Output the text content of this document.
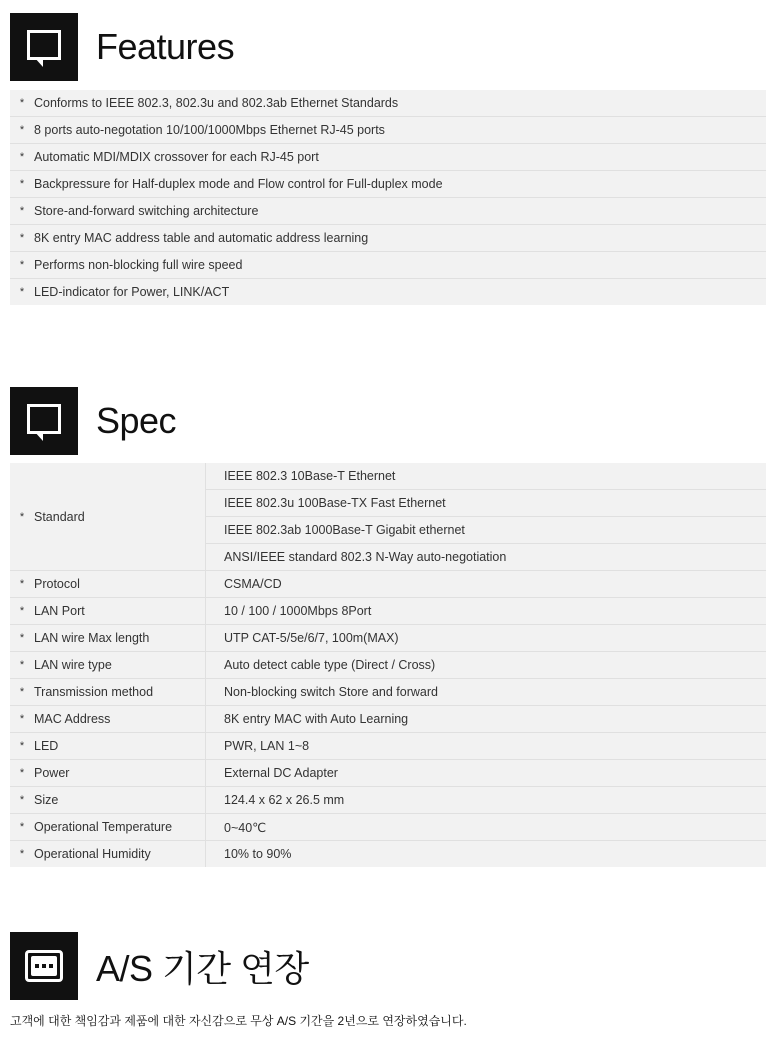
Features
* Conforms to IEEE 802.3, 802.3u and 802.3ab Ethernet Standards
* 8 ports auto-negotation 10/100/1000Mbps Ethernet RJ-45 ports
* Automatic MDI/MDIX crossover for each RJ-45 port
* Backpressure for Half-duplex mode and Flow control for Full-duplex mode
* Store-and-forward switching architecture
* 8K entry MAC address table and automatic address learning
* Performs non-blocking full wire speed
* LED-indicator for Power, LINK/ACT
Spec
* Standard
IEEE 802.3 10Base-T Ethernet
IEEE 802.3u 100Base-TX Fast Ethernet
IEEE 802.3ab 1000Base-T Gigabit ethernet
ANSI/IEEE standard 802.3 N-Way auto-negotiation
* Protocol	CSMA/CD
* LAN Port	10 / 100 / 1000Mbps 8Port
* LAN wire Max length	UTP CAT-5/5e/6/7, 100m(MAX)
* LAN wire type	Auto detect cable type (Direct / Cross)
* Transmission method	Non-blocking switch Store and forward
* MAC Address	8K entry MAC with Auto Learning
* LED	PWR, LAN 1~8
* Power	External DC Adapter
* Size	124.4 x 62 x 26.5 mm
* Operational Temperature	0~40℃
* Operational Humidity	10% to 90%
A/S 기간 연장
고객에 대한 책임감과 제품에 대한 자신감으로 무상 A/S 기간을 2년으로 연장하였습니다.
